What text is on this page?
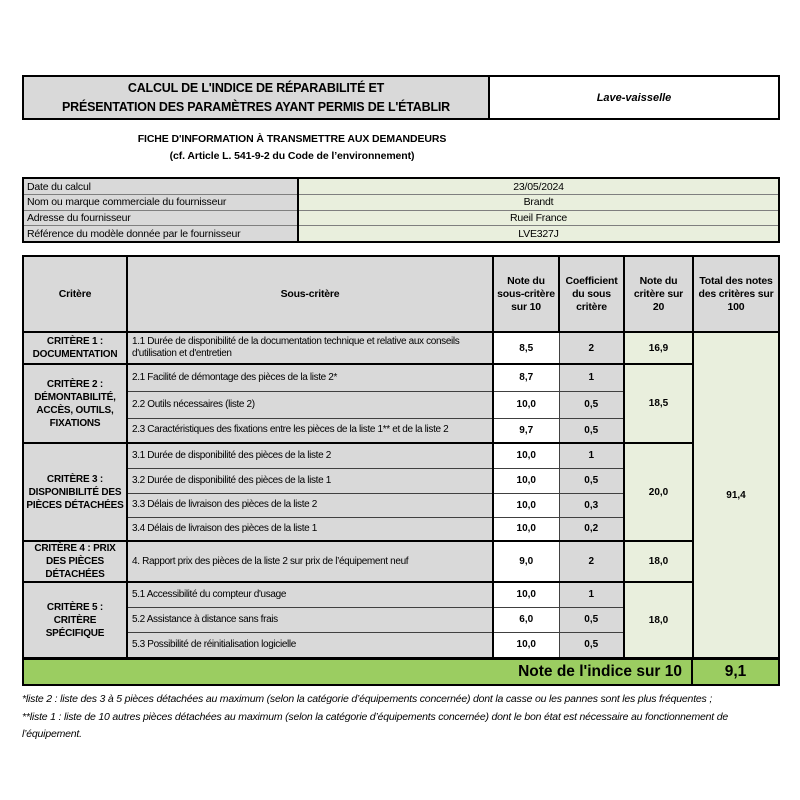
CALCUL DE L'INDICE DE RÉPARABILITÉ ET
PRÉSENTATION DES PARAMÈTRES AYANT PERMIS DE L'ÉTABLIR
Lave-vaisselle
FICHE D'INFORMATION À TRANSMETTRE AUX DEMANDEURS
(cf. Article L. 541-9-2 du Code de l’environnement)
Date du calcul	23/05/2024
Nom ou marque commerciale du fournisseur	Brandt
Adresse du fournisseur	Rueil France
Référence du modèle donnée par le fournisseur	LVE327J
Critère	Sous-critère	Note du sous-critère sur 10	Coefficient du sous critère	Note du critère sur 20	Total des notes des critères sur 100
CRITÈRE 1 : DOCUMENTATION	1.1 Durée de disponibilité de la documentation technique et relative aux conseils d'utilisation et d'entretien	8,5	2	16,9	91,4
CRITÈRE 2 : DÉMONTABILITÉ, ACCÈS, OUTILS, FIXATIONS	2.1 Facilité de démontage des pièces de la liste 2*	8,7	1	18,5	
	2.2 Outils nécessaires (liste 2)	10,0	0,5		
	2.3 Caractéristiques des fixations entre les pièces de la liste 1** et de la liste 2	9,7	0,5		
CRITÈRE 3 : DISPONIBILITÉ DES PIÈCES DÉTACHÉES	3.1 Durée de disponibilité des pièces de la liste 2	10,0	1	20,0	
	3.2 Durée de disponibilité des pièces de la liste 1	10,0	0,5		
	3.3 Délais de livraison des pièces de la liste 2	10,0	0,3		
	3.4 Délais de livraison des pièces de la liste 1	10,0	0,2		
CRITÈRE 4 : PRIX DES PIÈCES DÉTACHÉES	4. Rapport prix des pièces de la liste 2 sur prix de l’équipement neuf	9,0	2	18,0	
CRITÈRE 5 : CRITÈRE SPÉCIFIQUE	5.1 Accessibilité du compteur d'usage	10,0	1	18,0	
	5.2 Assistance à distance sans frais	6,0	0,5		
	5.3 Possibilité de réinitialisation logicielle	10,0	0,5		
Note de l'indice sur 10	9,1

*liste 2 : liste des 3 à 5 pièces détachées au maximum (selon la catégorie d’équipements concernée) dont la casse ou les pannes sont les plus fréquentes ;

**liste 1 : liste de 10 autres pièces détachées au maximum (selon la catégorie d’équipements concernée) dont le bon état est nécessaire au fonctionnement de l’équipement.
